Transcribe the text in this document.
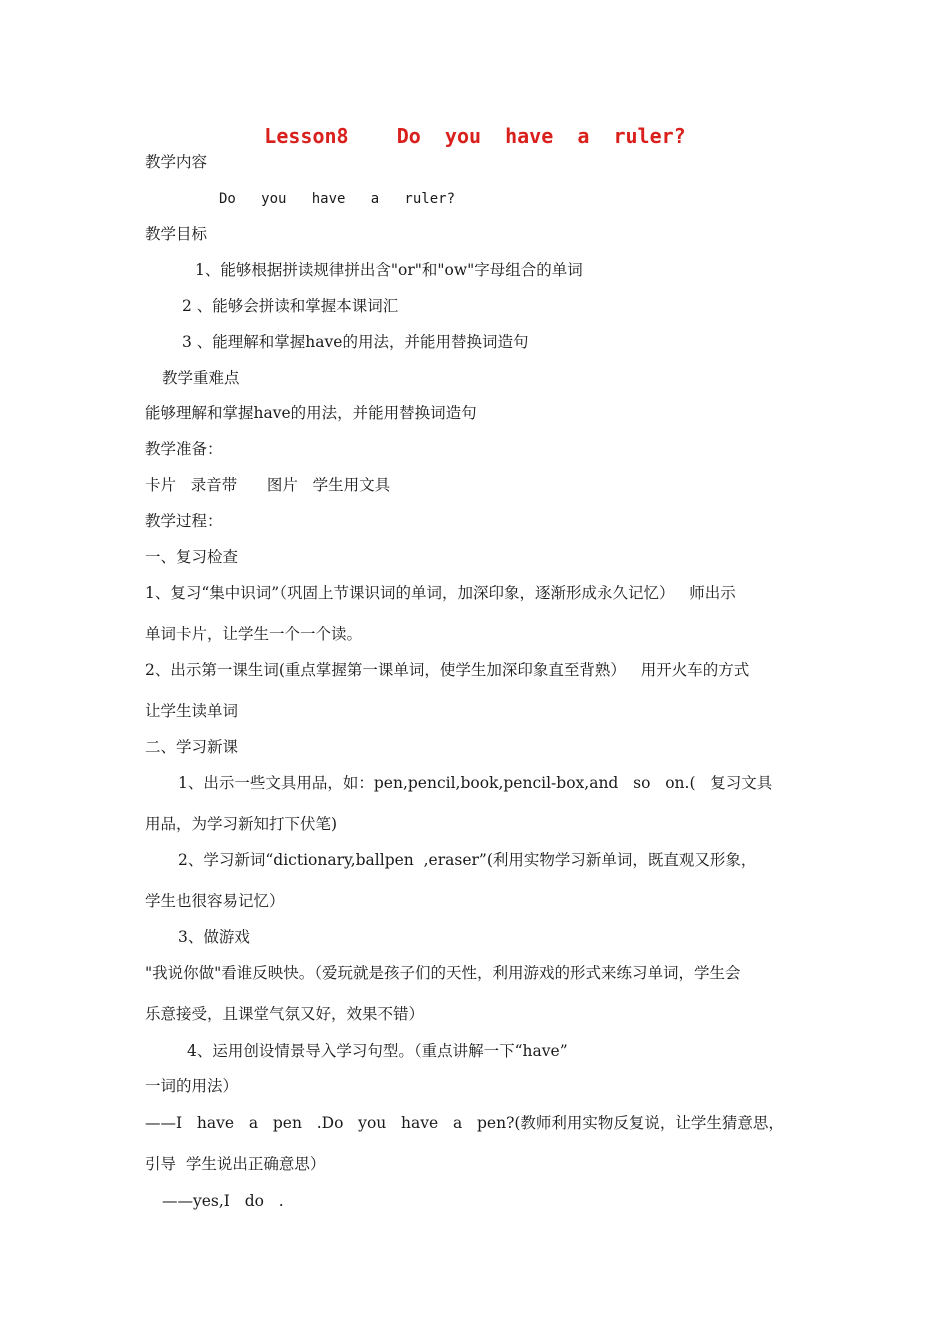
Lesson8    Do  you  have  a  ruler?
教学内容
Do   you   have   a   ruler?
教学目标
1、能够根据拼读规律拼出含"or"和"ow"字母组合的单词
2 、能够会拼读和掌握本课词汇
3 、能理解和掌握have的用法，并能用替换词造句
教学重难点
能够理解和掌握have的用法，并能用替换词造句
教学准备：
卡片   录音带      图片   学生用文具
教学过程：
一、复习检查
1、复习“集中识词”（巩固上节课识词的单词，加深印象，逐渐形成永久记忆）   师出示
单词卡片，让学生一个一个读。
2、出示第一课生词(重点掌握第一课单词，使学生加深印象直至背熟）   用开火车的方式
让学生读单词
二、学习新课
1、出示一些文具用品，如：pen,pencil,book,pencil-box,and   so   on.(   复习文具
用品，为学习新知打下伏笔)
2、学习新词“dictionary,ballpen  ,eraser”(利用实物学习新单词，既直观又形象，
学生也很容易记忆）
3、做游戏
"我说你做"看谁反映快。（爱玩就是孩子们的天性，利用游戏的形式来练习单词，学生会
乐意接受，且课堂气氛又好，效果不错）
4、运用创设情景导入学习句型。（重点讲解一下“have”
一词的用法）
——I   have   a   pen   .Do   you   have   a   pen?(教师利用实物反复说，让学生猜意思，
引导  学生说出正确意思）
——yes,I   do   .
